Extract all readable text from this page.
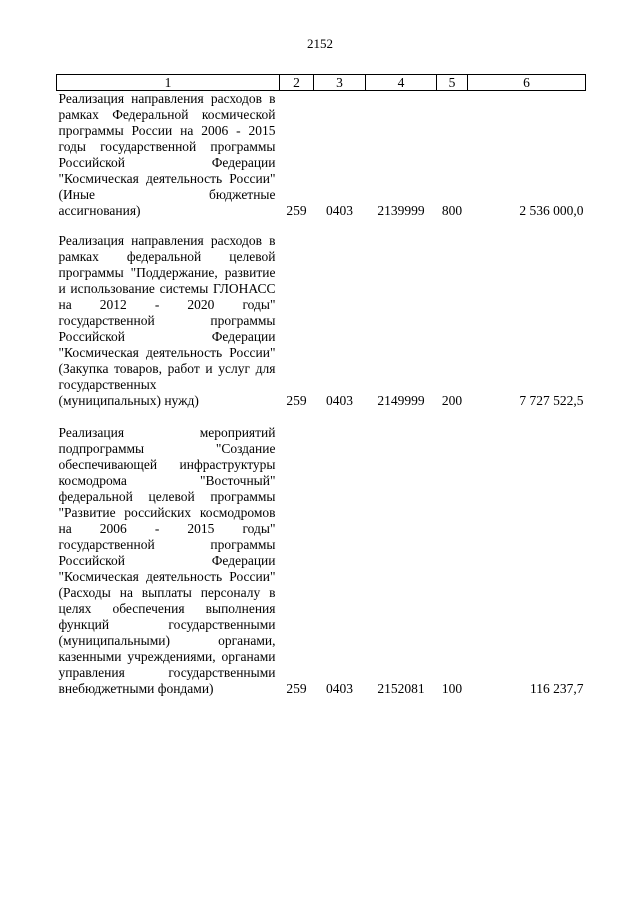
2152
1	2	3	4	5	6
Реализация направления расходов в рамках Федеральной космической программы России на 2006 - 2015 годы государственной программы Российской Федерации "Космическая деятельность России" (Иные бюджетные
ассигнования)	259	0403	2139999	800	2 536 000,0
Реализация направления расходов в рамках федеральной целевой программы "Поддержание, развитие и использование системы ГЛОНАСС на 2012 - 2020 годы" государственной программы Российской Федерации "Космическая деятельность России" (Закупка товаров, работ и услуг для государственных
(муниципальных) нужд)	259	0403	2149999	200	7 727 522,5
Реализация мероприятий подпрограммы "Создание обеспечивающей инфраструктуры космодрома "Восточный" федеральной целевой программы "Развитие российских космодромов на 2006 - 2015 годы" государственной программы Российской Федерации "Космическая деятельность России" (Расходы на выплаты персоналу в целях обеспечения выполнения функций государственными (муниципальными) органами, казенными учреждениями, органами управления государственными
внебюджетными фондами)	259	0403	2152081	100	116 237,7
